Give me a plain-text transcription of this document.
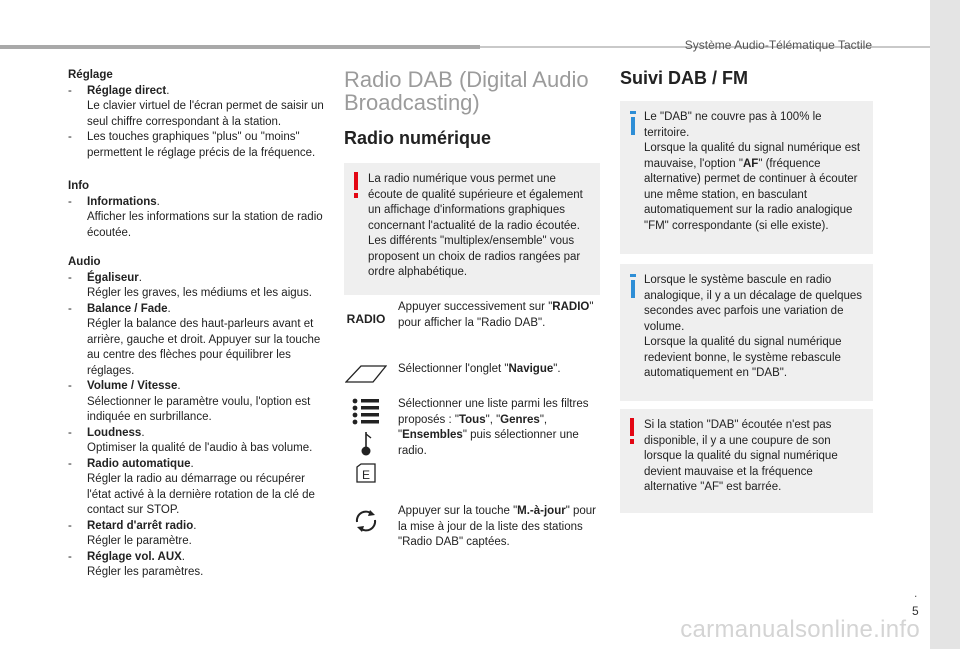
Système Audio-Télématique Tactile
Réglage
-	Réglage direct.
Le clavier virtuel de l'écran permet de saisir un seul chiffre correspondant à la station.
-	Les touches graphiques "plus" ou "moins" permettent le réglage précis de la fréquence.
Info
-	Informations.
Afficher les informations sur la station de radio écoutée.
Audio
-	Égaliseur.
Régler les graves, les médiums et les aigus.
-	Balance / Fade.
Régler la balance des haut-parleurs avant et arrière, gauche et droit. Appuyer sur la touche au centre des flèches pour équilibrer les réglages.
-	Volume / Vitesse.
Sélectionner le paramètre voulu, l'option est indiquée en surbrillance.
-	Loudness.
Optimiser la qualité de l'audio à bas volume.
-	Radio automatique.
Régler la radio au démarrage ou récupérer l'état activé à la dernière rotation de la clé de contact sur STOP.
-	Retard d'arrêt radio.
Régler le paramètre.
-	Réglage vol. AUX.
Régler les paramètres.
Radio DAB (Digital Audio Broadcasting)
Radio numérique
La radio numérique vous permet une écoute de qualité supérieure et également un affichage d'informations graphiques concernant l'actualité de la radio écoutée. Les différents "multiplex/ensemble" vous proposent un choix de radios rangées par ordre alphabétique.
RADIO
Appuyer successivement sur "RADIO" pour afficher la "Radio DAB".
Sélectionner l'onglet "Navigue".
E
Sélectionner une liste parmi les filtres proposés : "Tous", "Genres", "Ensembles" puis sélectionner une radio.
Appuyer sur la touche "M.-à-jour" pour la mise à jour de la liste des stations "Radio DAB" captées.
Suivi DAB / FM
Le "DAB" ne couvre pas à 100% le territoire.
Lorsque la qualité du signal numérique est mauvaise, l'option "AF" (fréquence alternative) permet de continuer à écouter une même station, en basculant automatiquement sur la radio analogique "FM" correspondante (si elle existe).
Lorsque le système bascule en radio analogique, il y a un décalage de quelques secondes avec parfois une variation de volume.
Lorsque la qualité du signal numérique redevient bonne, le système rebascule automatiquement en "DAB".
Si la station "DAB" écoutée n'est pas disponible, il y a une coupure de son lorsque la qualité du signal numérique devient mauvaise et la fréquence alternative "AF" est barrée.
.
5
carmanualsonline.info
